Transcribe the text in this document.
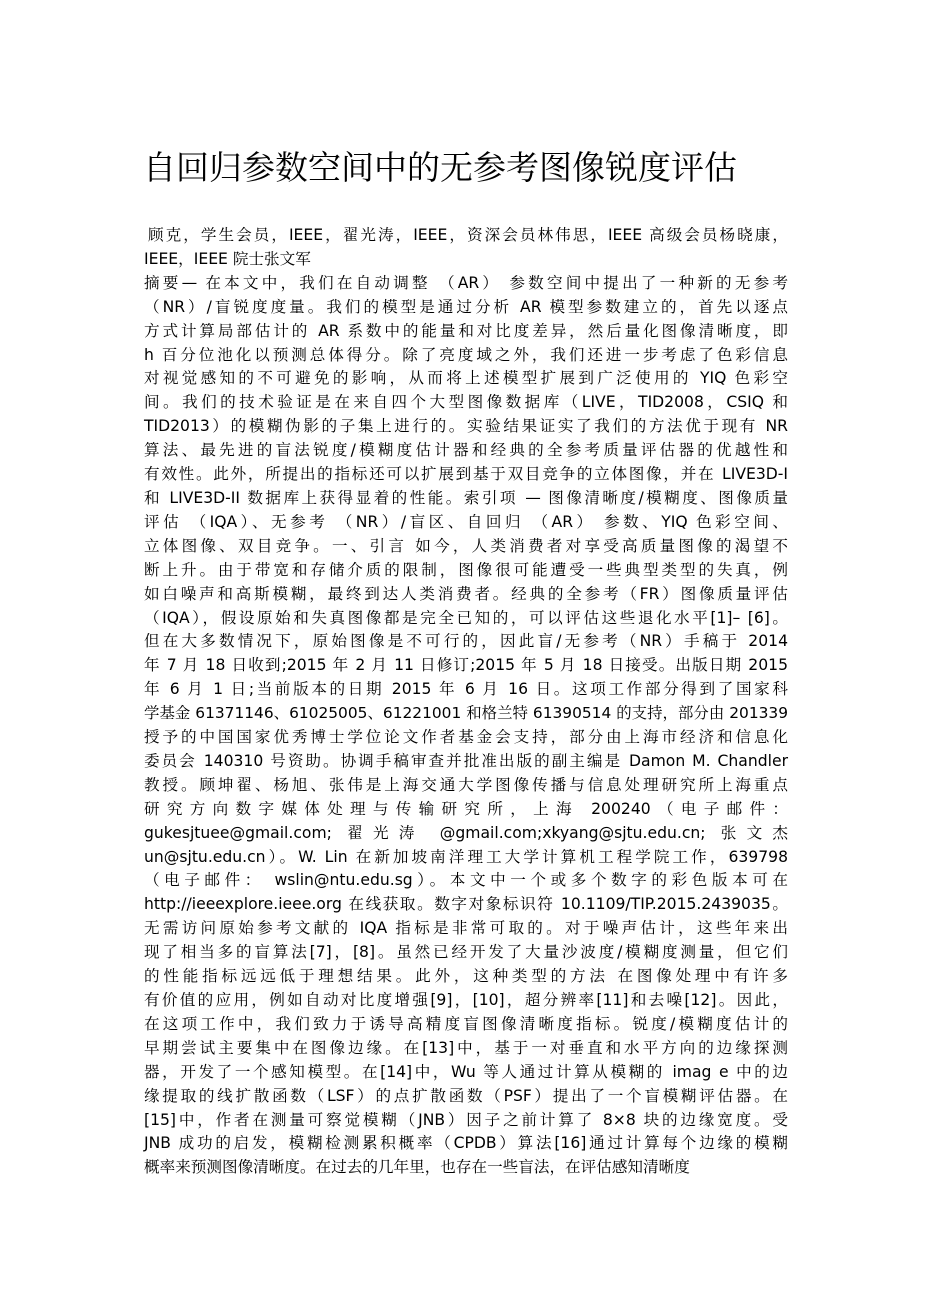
自回归参数空间中的无参考图像锐度评估
顾克，学生会员，IEEE，翟光涛，IEEE，资深会员林伟思，IEEE 高级会员杨晓康，
IEEE，IEEE 院士张文军
摘要— 在本文中，我们在自动调整 （AR） 参数空间中提出了一种新的无参考
（NR）/盲锐度度量。我们的模型是通过分析 AR 模型参数建立的，首先以逐点
方式计算局部估计的 AR 系数中的能量和对比度差异，然后量化图像清晰度，即
h 百分位池化以预测总体得分。除了亮度域之外，我们还进一步考虑了色彩信息
对视觉感知的不可避免的影响，从而将上述模型扩展到广泛使用的 YIQ 色彩空
间。我们的技术验证是在来自四个大型图像数据库（LIVE，TID2008，CSIQ 和
TID2013）的模糊伪影的子集上进行的。实验结果证实了我们的方法优于现有 NR
算法、最先进的盲法锐度/模糊度估计器和经典的全参考质量评估器的优越性和
有效性。此外，所提出的指标还可以扩展到基于双目竞争的立体图像，并在 LIVE3D-I
和 LIVE3D-II 数据库上获得显着的性能。索引项 — 图像清晰度/模糊度、图像质量
评估 （IQA）、无参考 （NR）/盲区、自回归 （AR） 参数、YIQ 色彩空间、
立体图像、双目竞争。一、引言 如今，人类消费者对享受高质量图像的渴望不
断上升。由于带宽和存储介质的限制，图像很可能遭受一些典型类型的失真，例
如白噪声和高斯模糊，最终到达人类消费者。经典的全参考（FR）图像质量评估
（IQA），假设原始和失真图像都是完全已知的，可以评估这些退化水平[1]– [6]。
但在大多数情况下，原始图像是不可行的，因此盲/无参考（NR）手稿于 2014
年 7 月 18 日收到;2015 年 2 月 11 日修订;2015 年 5 月 18 日接受。出版日期 2015
年 6 月 1 日;当前版本的日期 2015 年 6 月 16 日。这项工作部分得到了国家科
学基金 61371146、61025005、61221001 和格兰特 61390514 的支持，部分由 201339
授予的中国国家优秀博士学位论文作者基金会支持，部分由上海市经济和信息化
委员会 140310 号资助。协调手稿审查并批准出版的副主编是 Damon M. Chandler
教授。顾坤翟、杨旭、张伟是上海交通大学图像传播与信息处理研究所上海重点
研究方向数字媒体处理与传输研究所，上海 200240（电子邮件：
gukesjtuee@gmail.com; 翟光涛 @gmail.com;xkyang@sjtu.edu.cn; 张文杰
un@sjtu.edu.cn）。W. Lin 在新加坡南洋理工大学计算机工程学院工作，639798
（电子邮件： wslin@ntu.edu.sg）。本文中一个或多个数字的彩色版本可在
http://ieeexplore.ieee.org 在线获取。数字对象标识符 10.1109/TIP.2015.2439035。
无需访问原始参考文献的 IQA 指标是非常可取的。对于噪声估计，这些年来出
现了相当多的盲算法[7]，[8]。虽然已经开发了大量沙波度/模糊度测量，但它们
的性能指标远远低于理想结果。此外，这种类型的方法 在图像处理中有许多
有价值的应用，例如自动对比度增强[9]，[10]，超分辨率[11]和去噪[12]。因此，
在这项工作中，我们致力于诱导高精度盲图像清晰度指标。锐度/模糊度估计的
早期尝试主要集中在图像边缘。在[13]中，基于一对垂直和水平方向的边缘探测
器，开发了一个感知模型。在[14]中，Wu 等人通过计算从模糊的 imag e 中的边
缘提取的线扩散函数（LSF）的点扩散函数（PSF）提出了一个盲模糊评估器。在
[15]中，作者在测量可察觉模糊（JNB）因子之前计算了 8×8 块的边缘宽度。受
JNB 成功的启发，模糊检测累积概率（CPDB）算法[16]通过计算每个边缘的模糊
概率来预测图像清晰度。在过去的几年里，也存在一些盲法，在评估感知清晰度
